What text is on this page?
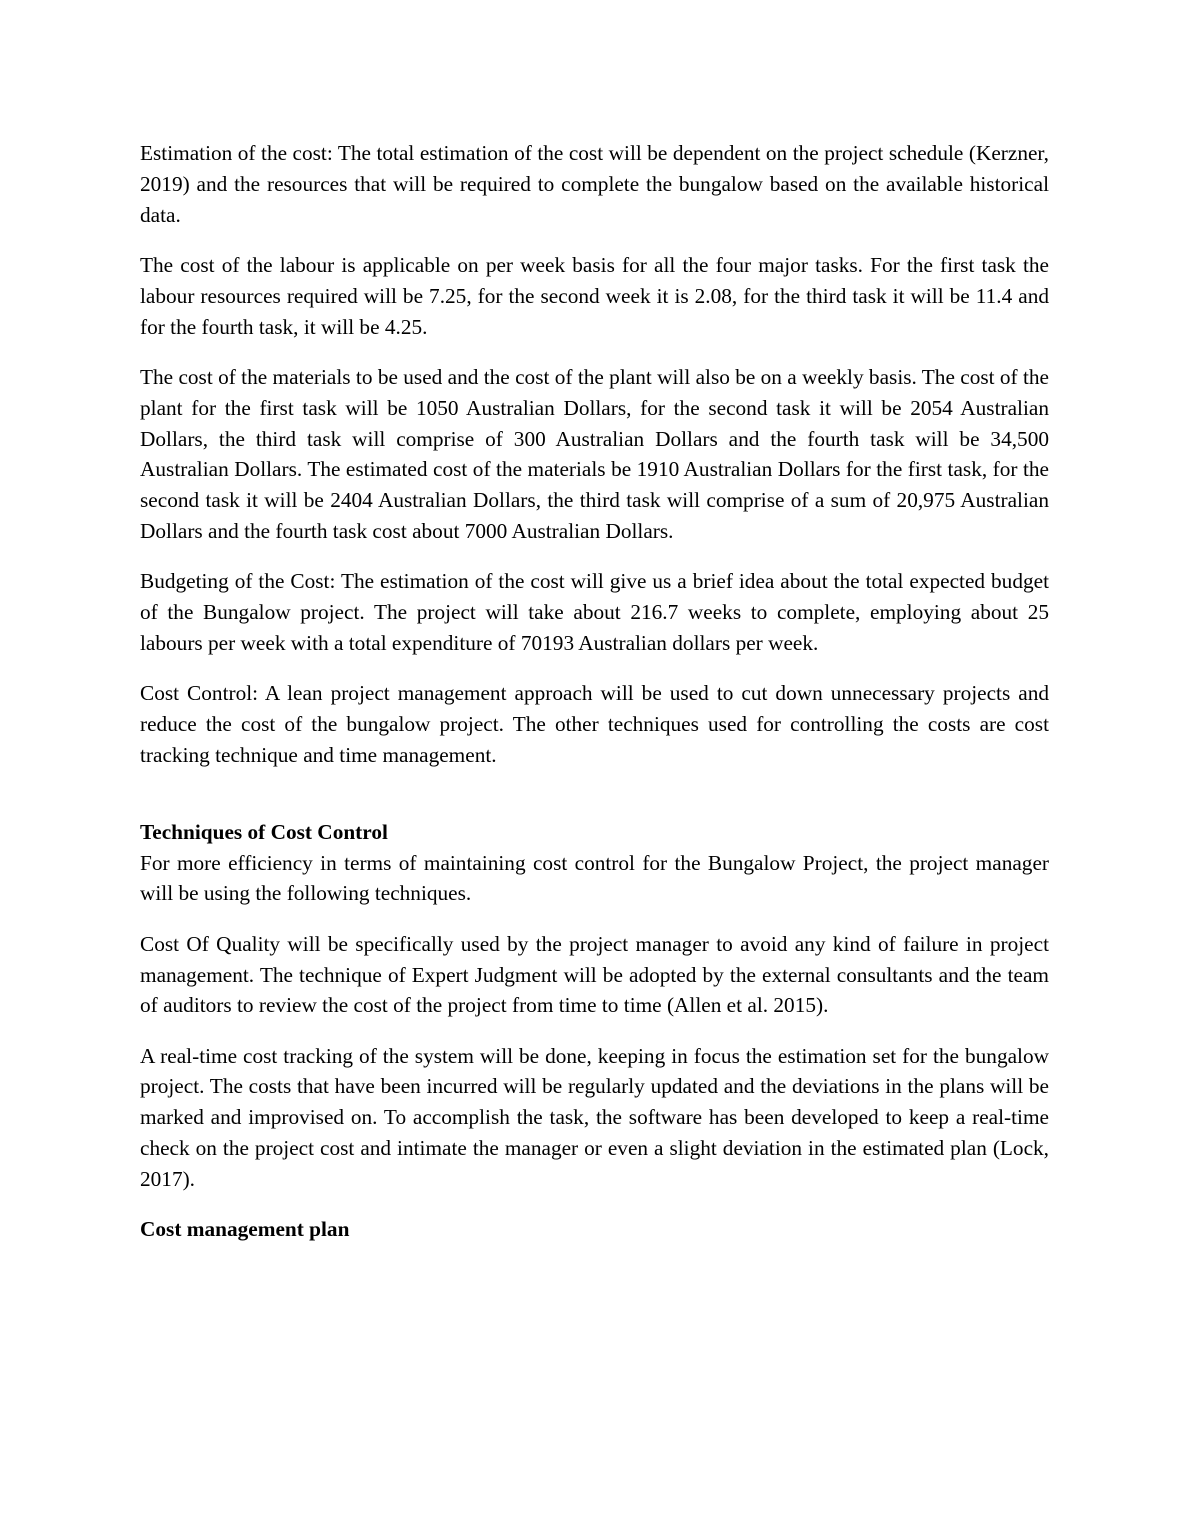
Estimation of the cost: The total estimation of the cost will be dependent on the project schedule (Kerzner, 2019) and the resources that will be required to complete the bungalow based on the available historical data.

The cost of the labour is applicable on per week basis for all the four major tasks. For the first task the labour resources required will be 7.25, for the second week it is 2.08, for the third task it will be 11.4 and for the fourth task, it will be 4.25.

The cost of the materials to be used and the cost of the plant will also be on a weekly basis. The cost of the plant for the first task will be 1050 Australian Dollars, for the second task it will be 2054 Australian Dollars, the third task will comprise of 300 Australian Dollars and the fourth task will be 34,500 Australian Dollars. The estimated cost of the materials be 1910 Australian Dollars for the first task, for the second task it will be 2404 Australian Dollars, the third task will comprise of a sum of 20,975 Australian Dollars and the fourth task cost about 7000 Australian Dollars.

Budgeting of the Cost: The estimation of the cost will give us a brief idea about the total expected budget of the Bungalow project. The project will take about 216.7 weeks to complete, employing about 25 labours per week with a total expenditure of 70193 Australian dollars per week.

Cost Control: A lean project management approach will be used to cut down unnecessary projects and reduce the cost of the bungalow project. The other techniques used for controlling the costs are cost tracking technique and time management.

Techniques of Cost Control

For more efficiency in terms of maintaining cost control for the Bungalow Project, the project manager will be using the following techniques.

Cost Of Quality will be specifically used by the project manager to avoid any kind of failure in project management. The technique of Expert Judgment will be adopted by the external consultants and the team of auditors to review the cost of the project from time to time (Allen et al. 2015).

A real-time cost tracking of the system will be done, keeping in focus the estimation set for the bungalow project. The costs that have been incurred will be regularly updated and the deviations in the plans will be marked and improvised on. To accomplish the task, the software has been developed to keep a real-time check on the project cost and intimate the manager or even a slight deviation in the estimated plan (Lock, 2017).

Cost management plan
